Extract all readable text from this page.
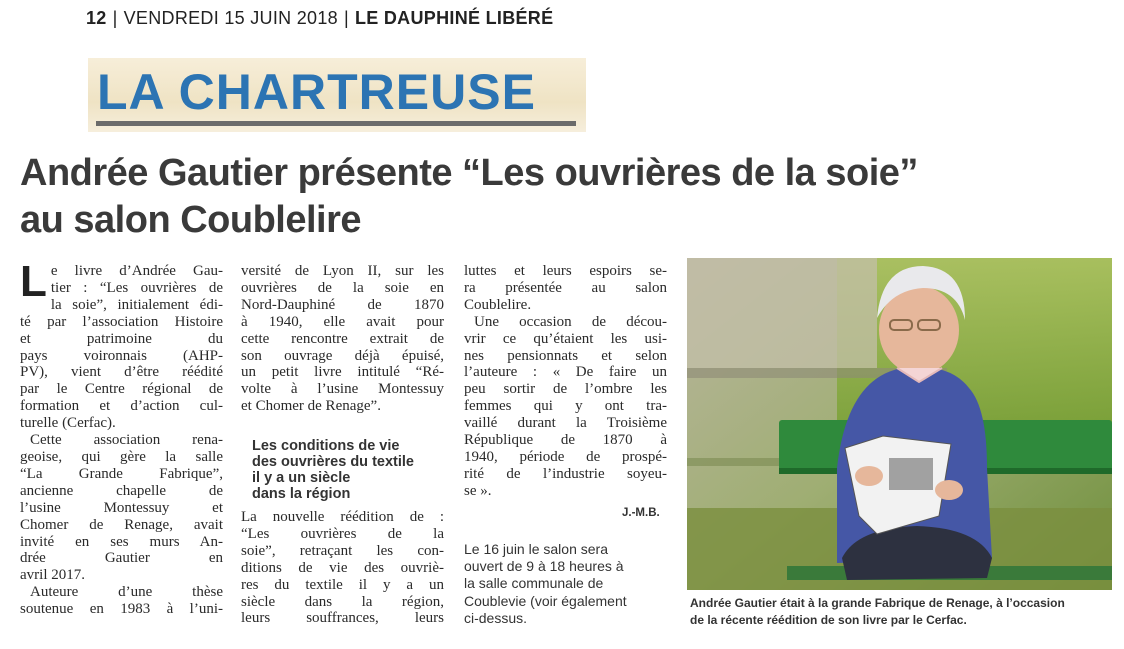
12 | VENDREDI 15 JUIN 2018 | LE DAUPHINÉ LIBÉRÉ
LA CHARTREUSE
Andrée Gautier présente “Les ouvrières de la soie”
au salon Coublelire
L e livre d’Andrée Gau-
tier : “Les ouvrières de
la soie”, initialement édi-
té par l’association Histoire
et patrimoine du
pays voironnais (AHP-
PV), vient d’être réédité
par le Centre régional de
formation et d’action cul-
turelle (Cerfac).
Cette association rena-
geoise, qui gère la salle
“La Grande Fabrique”,
ancienne chapelle de
l’usine Montessuy et
Chomer de Renage, avait
invité en ses murs An-
drée Gautier en
avril 2017.
Auteure d’une thèse
soutenue en 1983 à l’uni-
versité de Lyon II, sur les
ouvrières de la soie en
Nord-Dauphiné de 1870
à 1940, elle avait pour
cette rencontre extrait de
son ouvrage déjà épuisé,
un petit livre intitulé “Ré-
volte à l’usine Montessuy
et Chomer de Renage”.
Les conditions de vie
des ouvrières du textile
il y a un siècle
dans la région
La nouvelle réédition de :
“Les ouvrières de la
soie”, retraçant les con-
ditions de vie des ouvriè-
res du textile il y a un
siècle dans la région,
leurs souffrances, leurs
luttes et leurs espoirs se-
ra présentée au salon
Coublelire.
Une occasion de décou-
vrir ce qu’étaient les usi-
nes pensionnats et selon
l’auteure : « De faire un
peu sortir de l’ombre les
femmes qui y ont tra-
vaillé durant la Troisième
République de 1870 à
1940, période de prospé-
rité de l’industrie soyeu-
se ».
J.-M.B.
Le 16 juin le salon sera
ouvert de 9 à 18 heures à
la salle communale de
Coublevie (voir également
ci-dessus.
Andrée Gautier était à la grande Fabrique de Renage, à l’occasion
de la récente réédition de son livre par le Cerfac.
